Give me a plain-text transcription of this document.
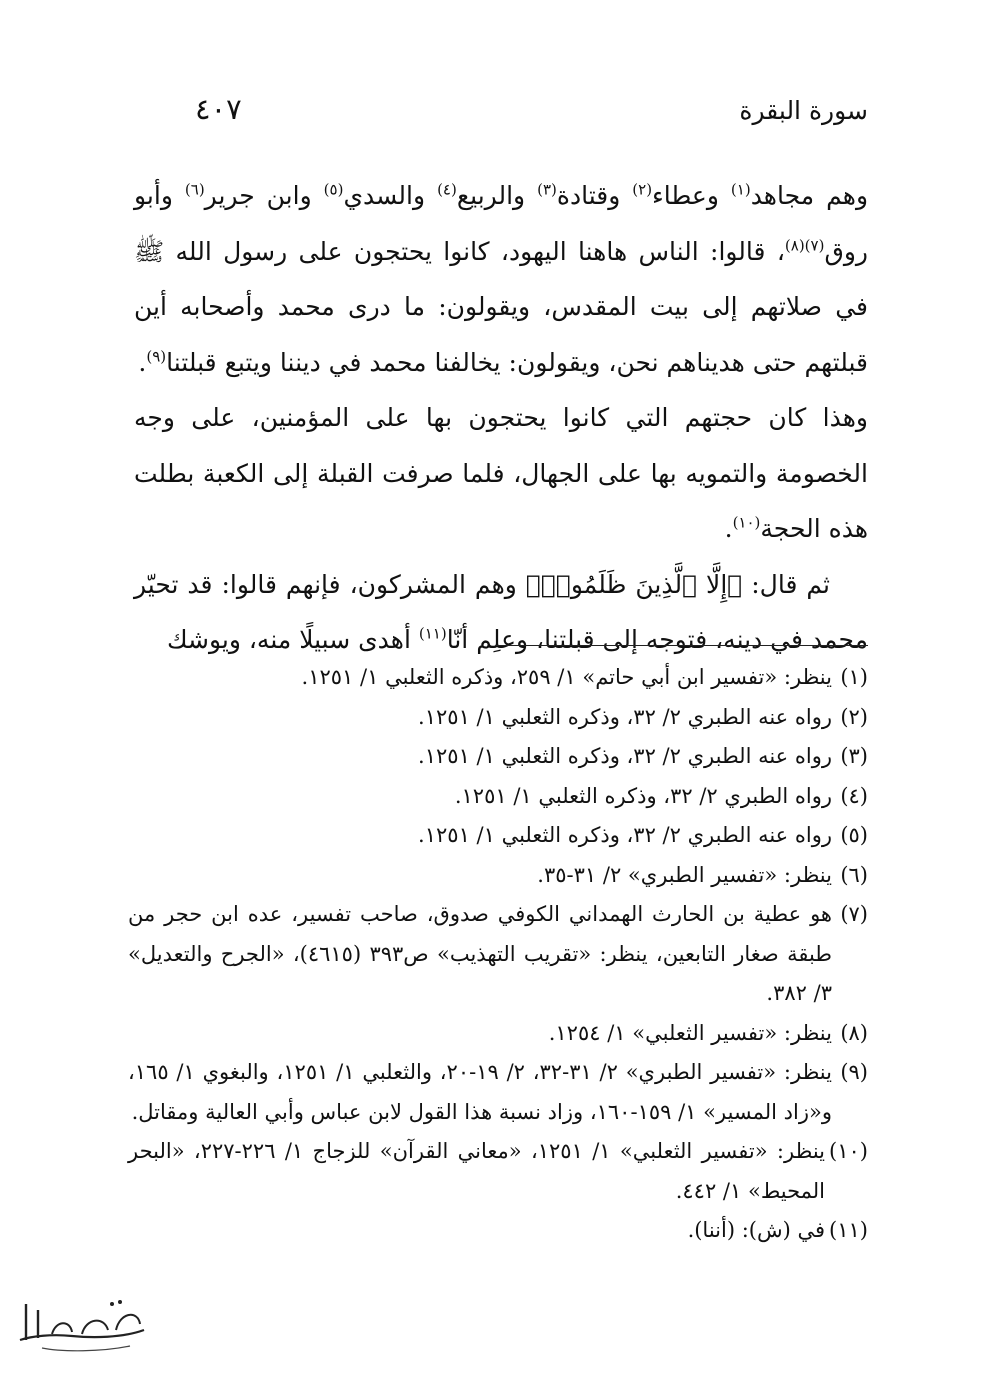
٤٠٧	سورة البقرة

وهم مجاهد$^{(١)}$ وعطاء$^{(٢)}$ وقتادة$^{(٣)}$ والربيع$^{(٤)}$ والسدي$^{(٥)}$ وابن جرير$^{(٦)}$ وأبو روق$^{(٧)(٨)}$، قالوا: الناس هاهنا اليهود، كانوا يحتجون على رسول الله ﷺ في صلاتهم إلى بيت المقدس، ويقولون: ما درى محمد وأصحابه أين قبلتهم حتى هديناهم نحن، ويقولون: يخالفنا محمد في ديننا ويتبع قبلتنا$^{(٩)}$.

وهذا كان حجتهم التي كانوا يحتجون بها على المؤمنين، على وجه الخصومة والتمويه بها على الجهال، فلما صرفت القبلة إلى الكعبة بطلت هذه الحجة$^{(١٠)}$.

ثم قال: ﴿إِلَّا ٱلَّذِينَ ظَلَمُوا۟﴾ وهم المشركون، فإنهم قالوا: قد تحيّر محمد في دينه، فتوجه إلى قبلتنا، وعلِم أنّا$^{(١١)}$ أهدى سبيلًا منه، ويوشك

(١)
ينظر: «تفسير ابن أبي حاتم» ١/ ٢٥٩، وذكره الثعلبي ١/ ١٢٥١.
(٢)
رواه عنه الطبري ٢/ ٣٢، وذكره الثعلبي ١/ ١٢٥١.
(٣)
رواه عنه الطبري ٢/ ٣٢، وذكره الثعلبي ١/ ١٢٥١.
(٤)
رواه الطبري ٢/ ٣٢، وذكره الثعلبي ١/ ١٢٥١.
(٥)
رواه عنه الطبري ٢/ ٣٢، وذكره الثعلبي ١/ ١٢٥١.
(٦)
ينظر: «تفسير الطبري» ٢/ ٣١-٣٥.
(٧)
هو عطية بن الحارث الهمداني الكوفي صدوق، صاحب تفسير، عده ابن حجر من طبقة صغار التابعين، ينظر: «تقريب التهذيب» ص٣٩٣ (٤٦١٥)، «الجرح والتعديل» ٣/ ٣٨٢.
(٨)
ينظر: «تفسير الثعلبي» ١/ ١٢٥٤.
(٩)
ينظر: «تفسير الطبري» ٢/ ٣١-٣٢، ٢/ ١٩-٢٠، والثعلبي ١/ ١٢٥١، والبغوي ١/ ١٦٥، و«زاد المسير» ١/ ١٥٩-١٦٠، وزاد نسبة هذا القول لابن عباس وأبي العالية ومقاتل.
(١٠)
ينظر: «تفسير الثعلبي» ١/ ١٢٥١، «معاني القرآن» للزجاج ١/ ٢٢٦-٢٢٧، «البحر المحيط» ١/ ٤٤٢.
(١١)
في (ش): (أننا).
